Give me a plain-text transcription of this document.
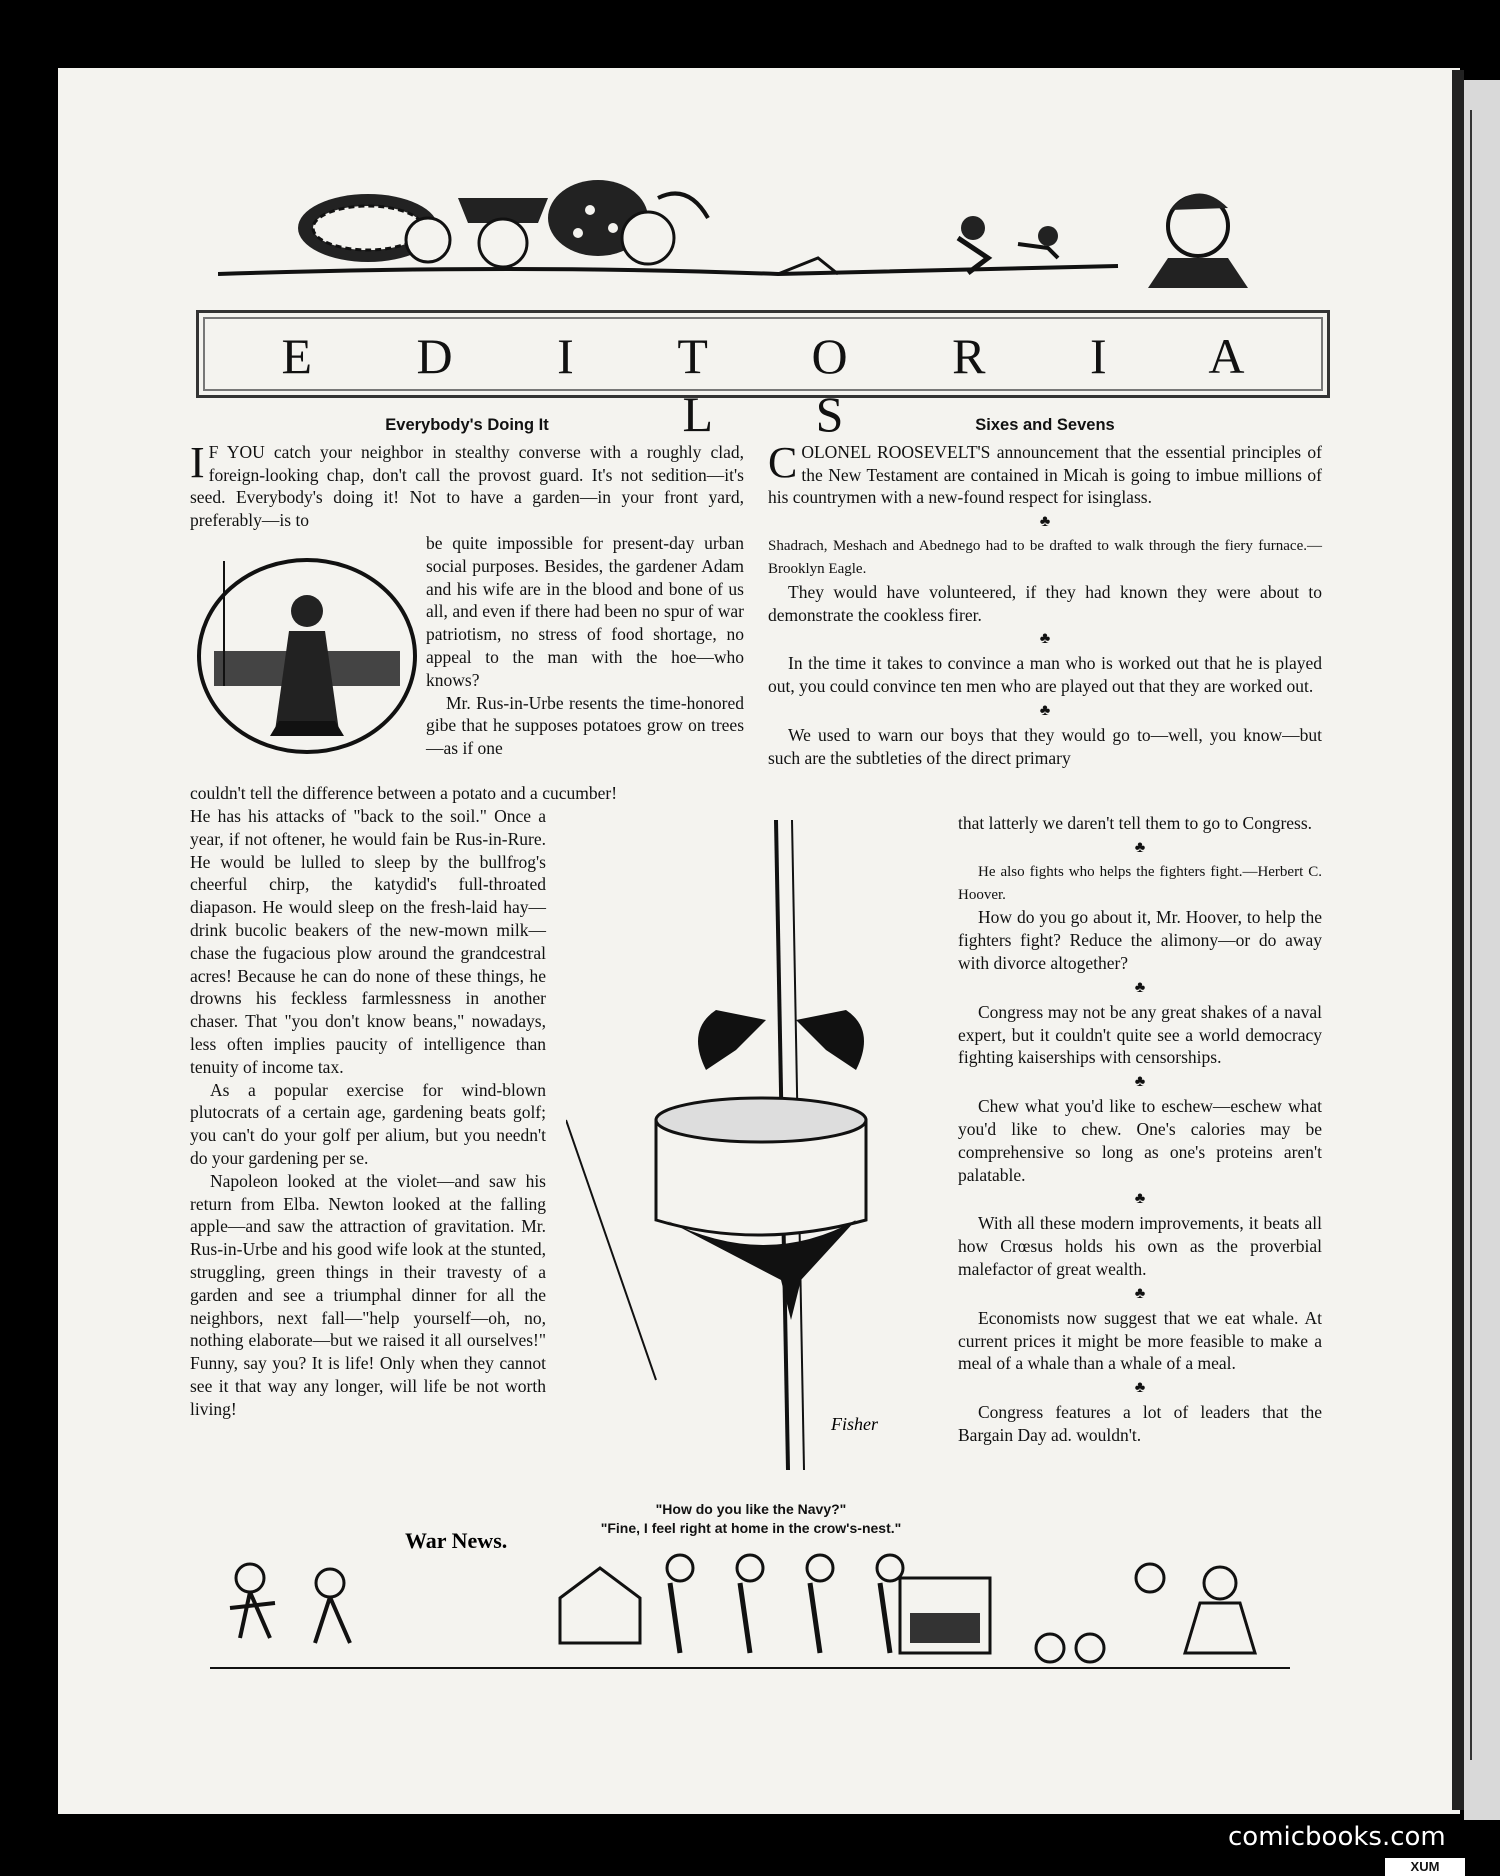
E D I T O R I A L S
Everybody's Doing It

I F YOU catch your neighbor in stealthy converse with a roughly clad, foreign-looking chap, don't call the provost guard. It's not sedition—it's seed. Everybody's doing it! Not to have a garden—in your front yard, preferably—is to

be quite impossible for present-day urban social purposes. Besides, the gardener Adam and his wife are in the blood and bone of us all, and even if there had been no spur of war patriotism, no stress of food shortage, no appeal to the man with the hoe—who knows?

Mr. Rus-in-Urbe resents the time-honored gibe that he supposes potatoes grow on trees—as if one

couldn't tell the difference between a potato and a cucumber!

He has his attacks of "back to the soil." Once a year, if not oftener, he would fain be Rus-in-Rure. He would be lulled to sleep by the bullfrog's cheerful chirp, the katydid's full-throated diapason. He would sleep on the fresh-laid hay—drink bucolic beakers of the new-mown milk—chase the fugacious plow around the grandcestral acres! Because he can do none of these things, he drowns his feckless farmlessness in another chaser. That "you don't know beans," nowadays, less often implies paucity of intelligence than tenuity of income tax.

As a popular exercise for wind-blown plutocrats of a certain age, gardening beats golf; you can't do your golf per alium, but you needn't do your gardening per se.

Napoleon looked at the violet—and saw his return from Elba. Newton looked at the falling apple—and saw the attraction of gravitation. Mr. Rus-in-Urbe and his good wife look at the stunted, struggling, green things in their travesty of a garden and see a triumphal dinner for all the neighbors, next fall—"help yourself—oh, no, nothing elaborate—but we raised it all ourselves!" Funny, say you? It is life! Only when they cannot see it that way any longer, will life be not worth living!

Fisher
"How do you like the Navy?"
"Fine, I feel right at home in the crow's-nest."
Sixes and Sevens

COLONEL ROOSEVELT'S announcement that the essential principles of the New Testament are contained in Micah is going to imbue millions of his countrymen with a new-found respect for isinglass.

♣

Shadrach, Meshach and Abednego had to be drafted to walk through the fiery furnace.—Brooklyn Eagle.

They would have volunteered, if they had known they were about to demonstrate the cookless firer.

♣

In the time it takes to convince a man who is worked out that he is played out, you could convince ten men who are played out that they are worked out.

♣

We used to warn our boys that they would go to—well, you know—but such are the subtleties of the direct primary

that latterly we daren't tell them to go to Congress.

♣

He also fights who helps the fighters fight.—Herbert C. Hoover.

How do you go about it, Mr. Hoover, to help the fighters fight? Reduce the alimony—or do away with divorce altogether?

♣

Congress may not be any great shakes of a naval expert, but it couldn't quite see a world democracy fighting kaiserships with censorships.

♣

Chew what you'd like to eschew—eschew what you'd like to chew. One's calories may be comprehensive so long as one's proteins aren't palatable.

♣

With all these modern improvements, it beats all how Crœsus holds his own as the proverbial malefactor of great wealth.

♣

Economists now suggest that we eat whale. At current prices it might be more feasible to make a meal of a whale than a whale of a meal.

♣

Congress features a lot of leaders that the Bargain Day ad. wouldn't.

War News.
comicbooks.com
XUM
